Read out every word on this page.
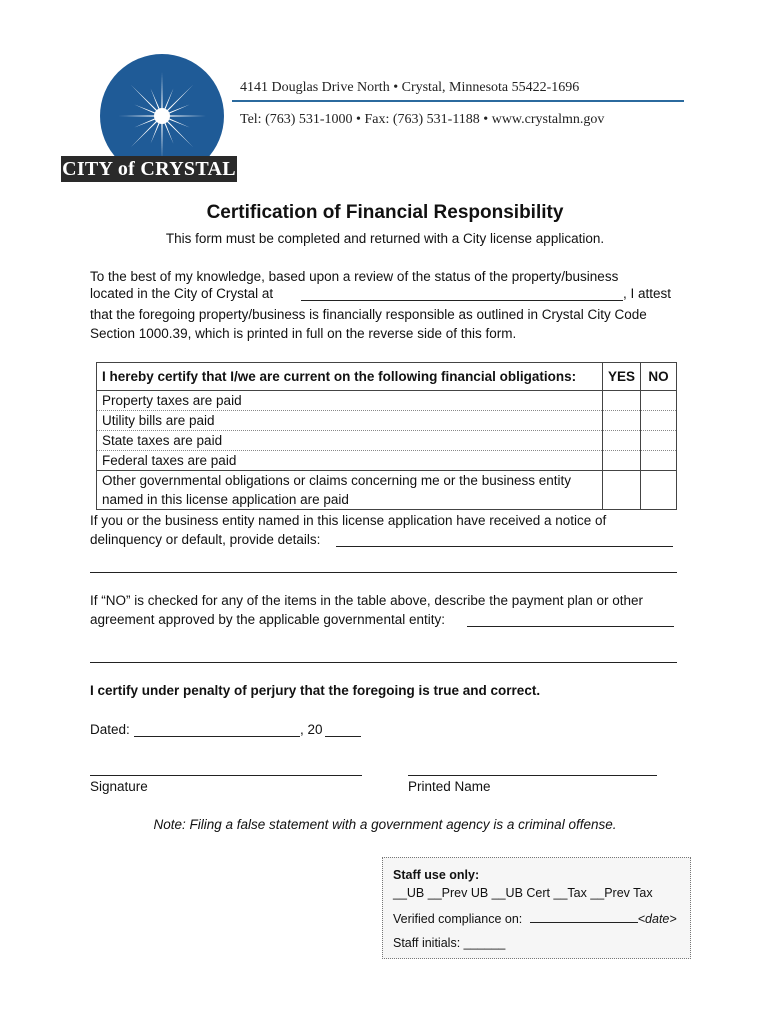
CITY of CRYSTAL
4141 Douglas Drive North • Crystal, Minnesota 55422-1696
Tel: (763) 531-1000 • Fax: (763) 531-1188 • www.crystalmn.gov
Certification of Financial Responsibility
This form must be completed and returned with a City license application.
To the best of my knowledge, based upon a review of the status of the property/business
located in the City of Crystal at	, I attest
that the foregoing property/business is financially responsible as outlined in Crystal City Code
Section 1000.39, which is printed in full on the reverse side of this form.
I hereby certify that I/we are current on the following financial obligations:	YES	NO
Property taxes are paid		
Utility bills are paid		
State taxes are paid		
Federal taxes are paid		

Other governmental obligations or claims concerning me or the business entity
named in this license application are paid		

If you or the business entity named in this license application have received a notice of
delinquency or default, provide details:
If “NO” is checked for any of the items in the table above, describe the payment plan or other
agreement approved by the applicable governmental entity:
I certify under penalty of perjury that the foregoing is true and correct.
Dated:	, 20
Signature	Printed Name
Note: Filing a false statement with a government agency is a criminal offense.
Staff use only:
__UB __Prev UB __UB Cert __Tax __Prev Tax
Verified compliance on:	<date>
Staff initials: ______
